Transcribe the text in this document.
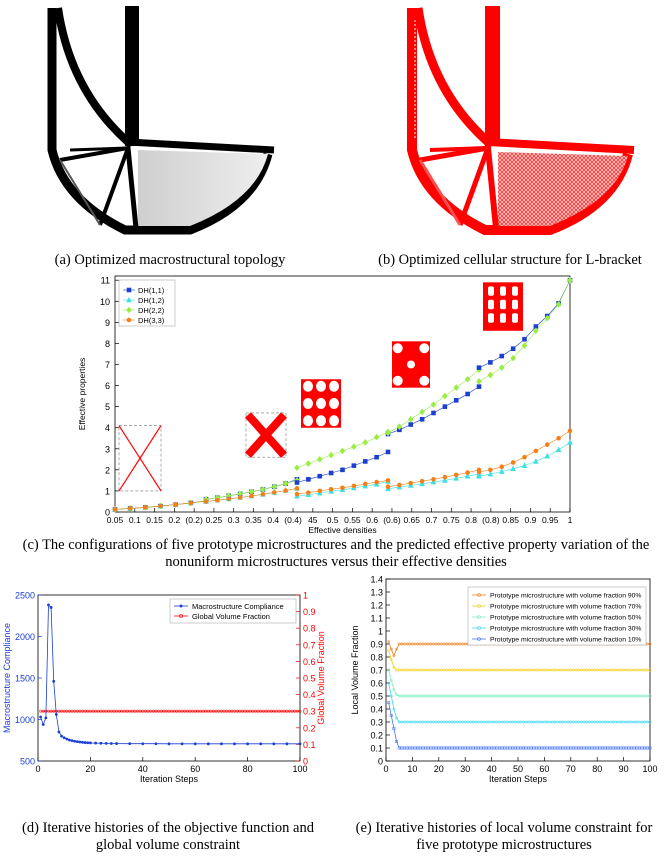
(a) Optimized macrostructural topology	(b) Optimized cellular structure for L-bracket
0
1
2
3
4
5
6
7
8
9
10
11
0.05 0.1 0.15 0.2 (0.2) 0.25 0.3 0.35 0.4 (0.4) 45 0.5 0.55 0.6 (0.6) 0.65 0.7 0.75 0.8 (0.8) 0.85 0.9 0.95 1
Effective densities
Effective properties
DH(1,1)
DH(1,2)
DH(2,2)
DH(3,3)
(c) The configurations of five prototype microstructures and the predicted effective property variation of the
nonuniform microstructures versus their effective densities
500
1000
1500
2000
2500
0
0.1
0.2
0.3
0.4
0.5
0.6
0.7
0.8
0.9
1
0	20	40	60	80	100
Iteration Steps
Macrostructure Compliance	Global Volume Fraction
Macrostructure Compliance
Global Volume Fraction
0
0.1
0.2
0.3
0.4
0.5
0.6
0.7
0.8
0.9
1
1.1
1.2
1.3
1.4
0 10 20 30 40 50 60 70 80 90 100
Iteration Steps
Local Volume Fraction
Prototype microstructure with volume fraction 90%
Prototype microstructure with volume fraction 70%
Prototype microstructure with volume fraction 50%
Prototype microstructure with volume fraction 30%
Prototype microstructure with volume fraction 10%
(d) Iterative histories of the objective function and
global volume constraint
(e) Iterative histories of local volume constraint for
five prototype microstructures
